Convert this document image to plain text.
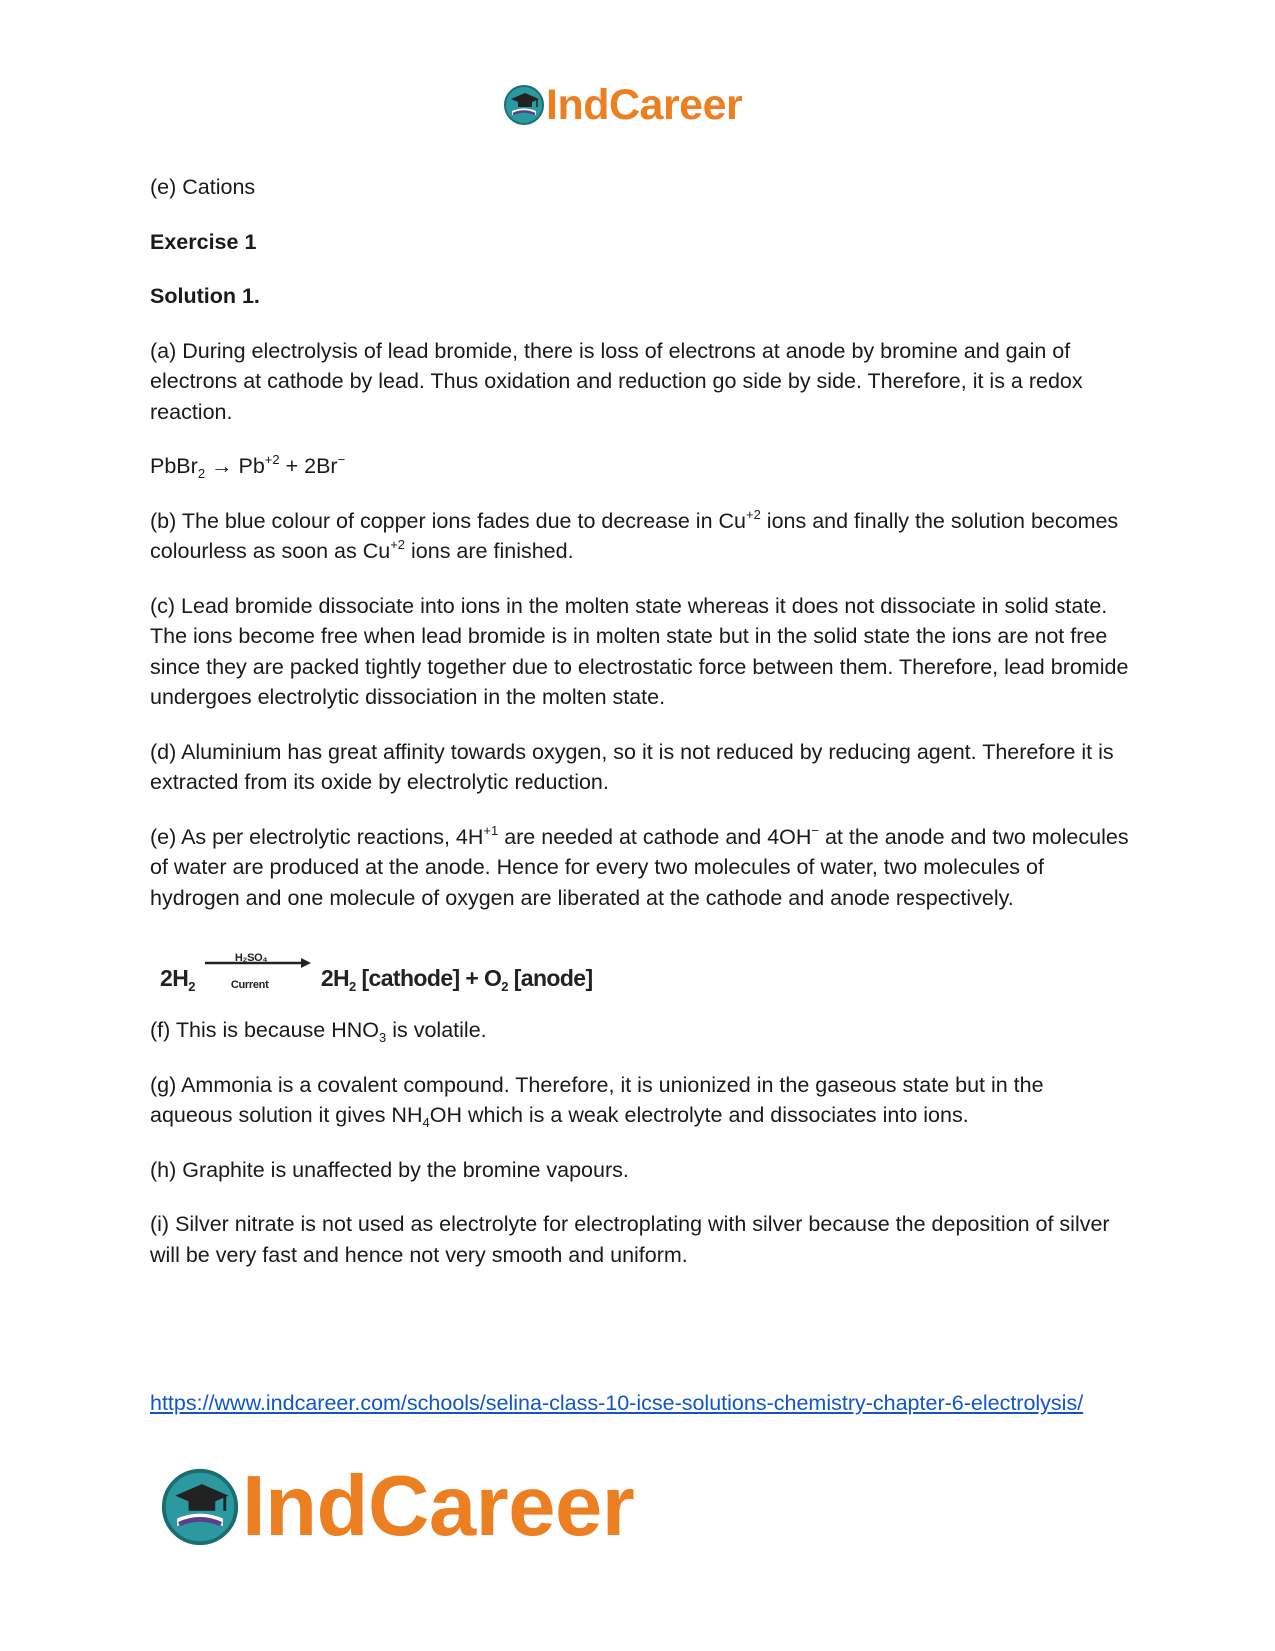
IndCareer

(e) Cations

Exercise 1

Solution 1.

(a) During electrolysis of lead bromide, there is loss of electrons at anode by bromine and gain of electrons at cathode by lead. Thus oxidation and reduction go side by side. Therefore, it is a redox reaction.

PbBr$_2$ → $Pb^{+2} + 2Br^-$

(b) The blue colour of copper ions fades due to decrease in $Cu^{+2}$ ions and finally the solution becomes colourless as soon as $Cu^{+2}$ ions are finished.

(c) Lead bromide dissociate into ions in the molten state whereas it does not dissociate in solid state. The ions become free when lead bromide is in molten state but in the solid state the ions are not free since they are packed tightly together due to electrostatic force between them. Therefore, lead bromide undergoes electrolytic dissociation in the molten state.

(d) Aluminium has great affinity towards oxygen, so it is not reduced by reducing agent. Therefore it is extracted from its oxide by electrolytic reduction.

(e) As per electrolytic reactions, $4H^{+1}$ are needed at cathode and 4OH− at the anode and two molecules of water are produced at the anode. Hence for every two molecules of water, two molecules of hydrogen and one molecule of oxygen are liberated at the cathode and anode respectively.

$2H_2$
H₂SO₄
Current $2H_2$ [cathode] + $O_2$ [anode]

(f) This is because $HNO_3$ is volatile.

(g) Ammonia is a covalent compound. Therefore, it is unionized in the gaseous state but in the aqueous solution it gives $NH_4OH$ which is a weak electrolyte and dissociates into ions.

(h) Graphite is unaffected by the bromine vapours.

(i) Silver nitrate is not used as electrolyte for electroplating with silver because the deposition of silver will be very fast and hence not very smooth and uniform.

https://www.indcareer.com/schools/selina-class-10-icse-solutions-chemistry-chapter-6-electrolysis/
IndCareer
